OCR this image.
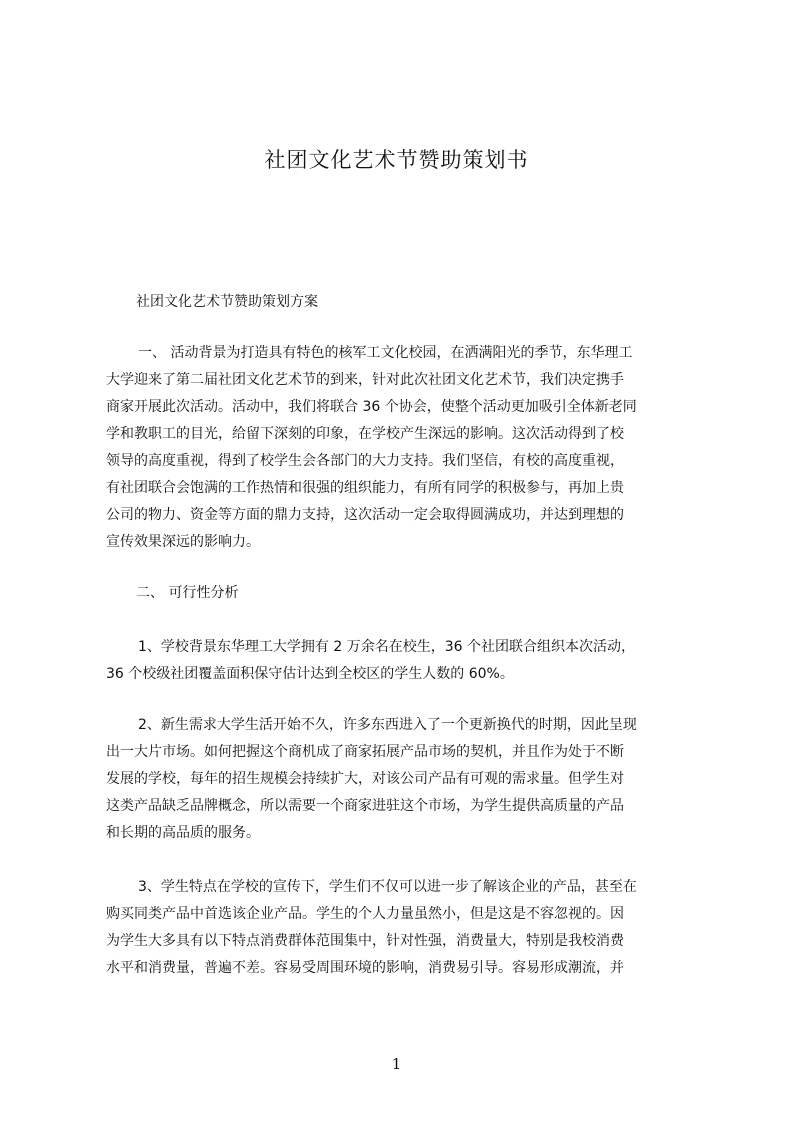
社团文化艺术节赞助策划书
社团文化艺术节赞助策划方案
一、 活动背景为打造具有特色的核军工文化校园，在洒满阳光的季节，东华理工
大学迎来了第二届社团文化艺术节的到来，针对此次社团文化艺术节，我们决定携手
商家开展此次活动。活动中，我们将联合 36 个协会，使整个活动更加吸引全体新老同
学和教职工的目光，给留下深刻的印象，在学校产生深远的影响。这次活动得到了校
领导的高度重视，得到了校学生会各部门的大力支持。我们坚信，有校的高度重视，
有社团联合会饱满的工作热情和很强的组织能力，有所有同学的积极参与，再加上贵
公司的物力、资金等方面的鼎力支持，这次活动一定会取得圆满成功，并达到理想的
宣传效果深远的影响力。
二、 可行性分析
1、学校背景东华理工大学拥有 2 万余名在校生，36 个社团联合组织本次活动，
36 个校级社团覆盖面积保守估计达到全校区的学生人数的 60%。
2、新生需求大学生活开始不久，许多东西进入了一个更新换代的时期，因此呈现
出一大片市场。如何把握这个商机成了商家拓展产品市场的契机，并且作为处于不断
发展的学校，每年的招生规模会持续扩大，对该公司产品有可观的需求量。但学生对
这类产品缺乏品牌概念，所以需要一个商家进驻这个市场，为学生提供高质量的产品
和长期的高品质的服务。
3、学生特点在学校的宣传下，学生们不仅可以进一步了解该企业的产品，甚至在
购买同类产品中首选该企业产品。学生的个人力量虽然小，但是这是不容忽视的。因
为学生大多具有以下特点消费群体范围集中，针对性强，消费量大，特别是我校消费
水平和消费量，普遍不差。容易受周围环境的影响，消费易引导。容易形成潮流，并
1
